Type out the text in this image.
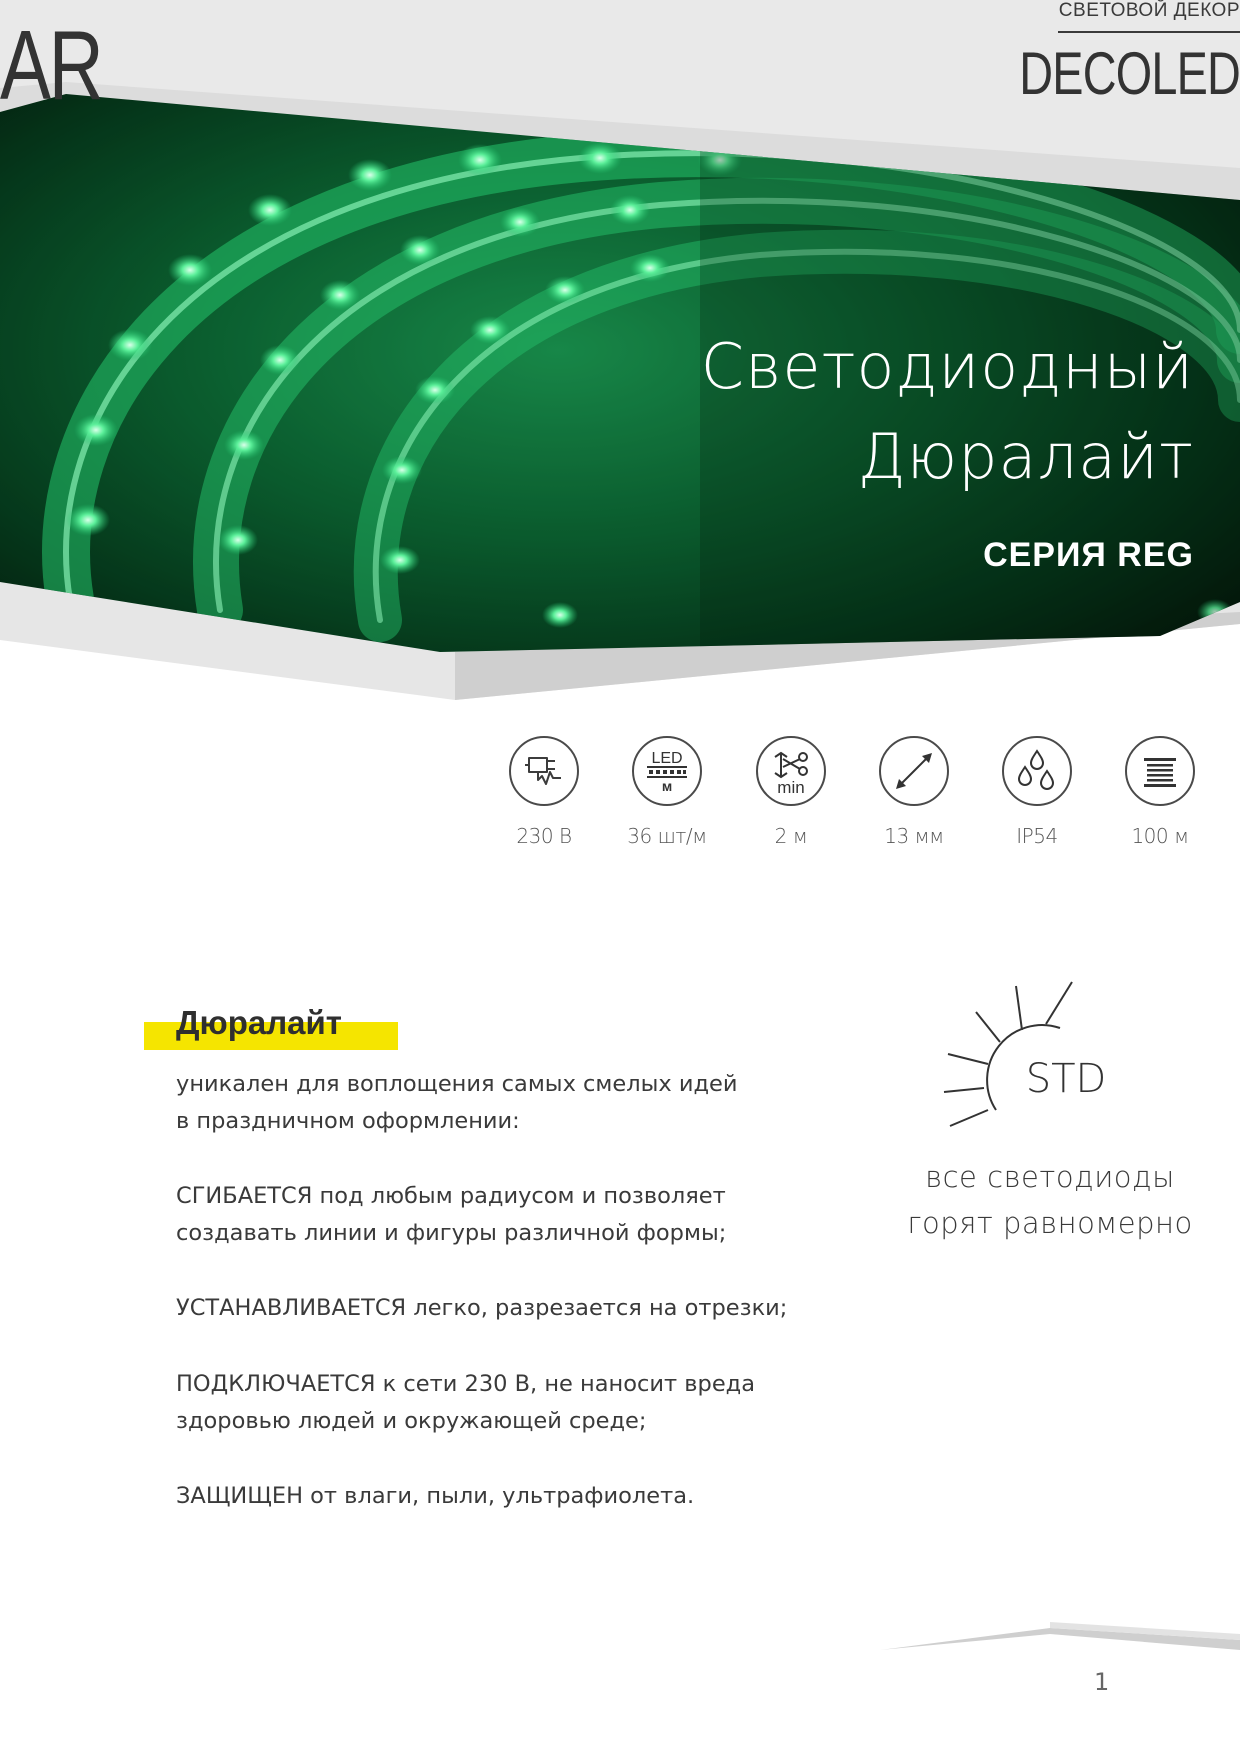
СВЕТОВОЙ ДЕКОР
AR	DECOLED
Светодиодный
Дюралайт
СЕРИЯ REG
230 В
LED
м
36 шт/м
min
2 м	13 мм	IP54	100 м
Дюралайт
уникален для воплощения самых смелых идей
в праздничном оформлении:
СГИБАЕТСЯ под любым радиусом и позволяет
создавать линии и фигуры различной формы;
УСТАНАВЛИВАЕТСЯ легко, разрезается на отрезки;
ПОДКЛЮЧАЕТСЯ к сети 230 В, не наносит вреда
здоровью людей и окружающей среде;
ЗАЩИЩЕН от влаги, пыли, ультрафиолета.
STD
все светодиоды
горят равномерно
1
